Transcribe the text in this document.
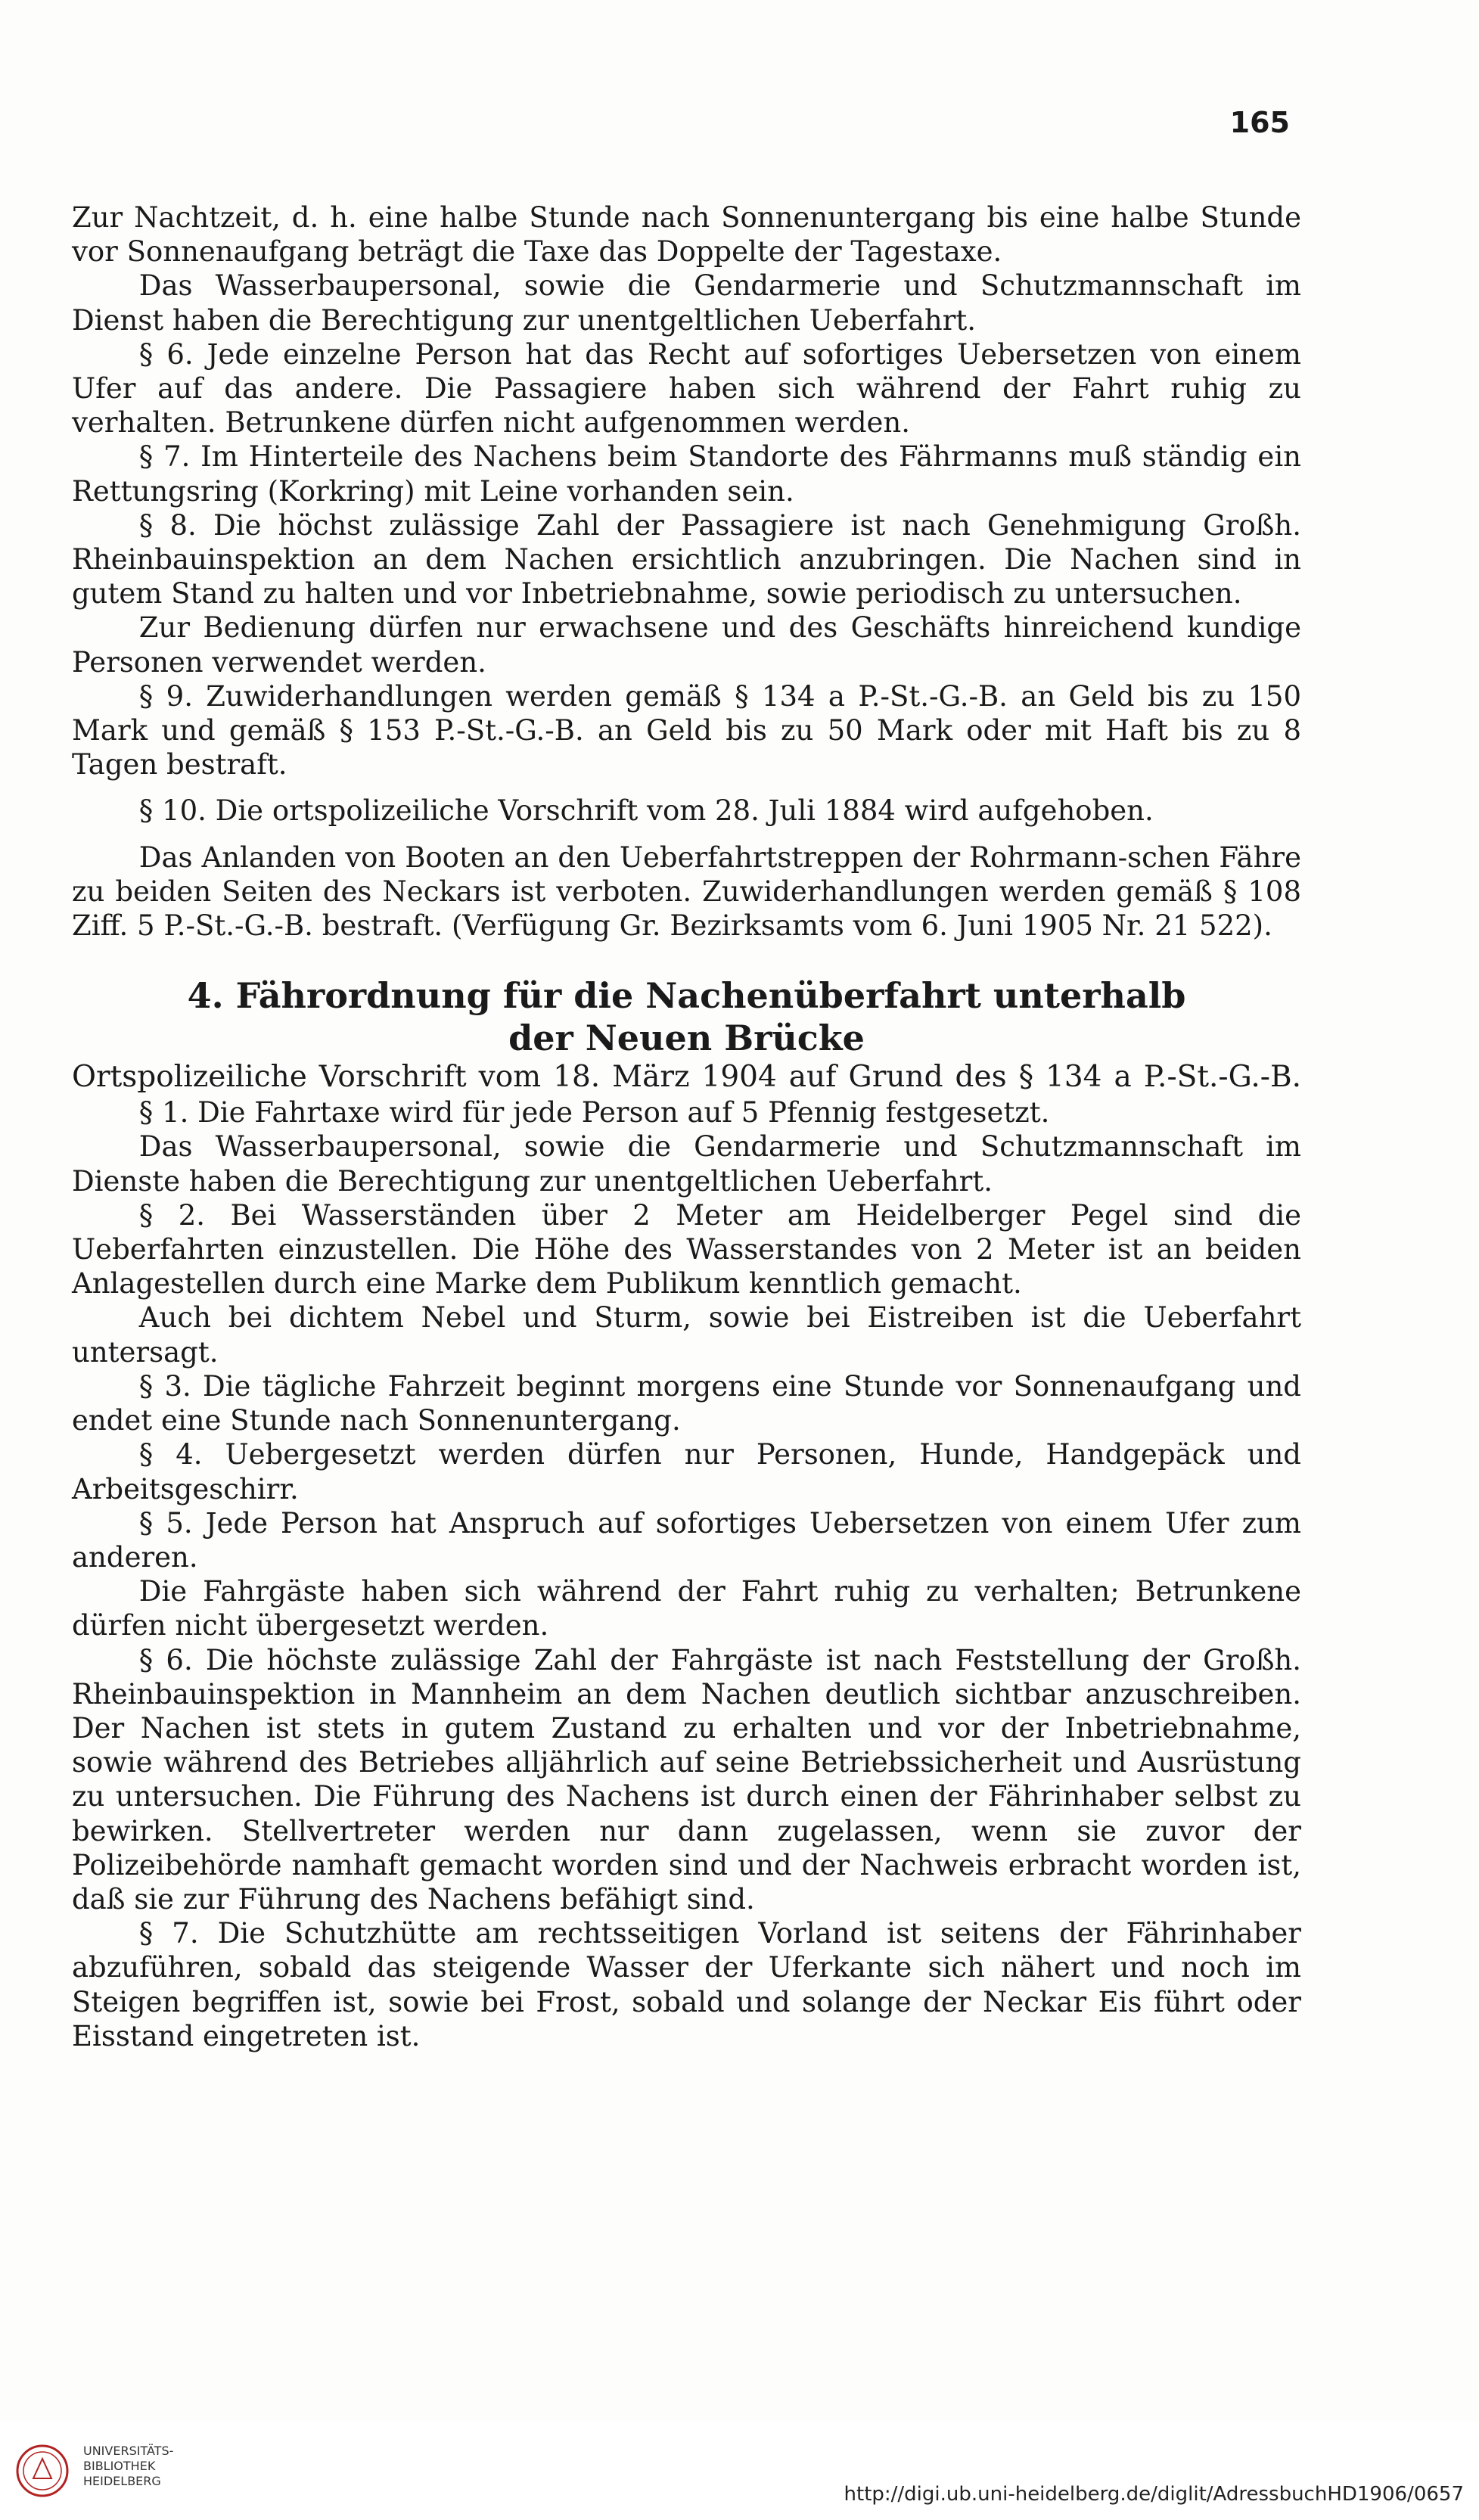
165

Zur Nachtzeit, d. h. eine halbe Stunde nach Sonnenuntergang bis eine halbe Stunde vor Sonnenaufgang beträgt die Taxe das Doppelte der Tagestaxe.

Das Wasserbaupersonal, sowie die Gendarmerie und Schutzmannschaft im Dienst haben die Berechtigung zur unentgeltlichen Ueberfahrt.

§ 6. Jede einzelne Person hat das Recht auf sofortiges Uebersetzen von einem Ufer auf das andere. Die Passagiere haben sich während der Fahrt ruhig zu verhalten. Betrunkene dürfen nicht aufgenommen werden.

§ 7. Im Hinterteile des Nachens beim Standorte des Fährmanns muß ständig ein Rettungsring (Korkring) mit Leine vorhanden sein.

§ 8. Die höchst zulässige Zahl der Passagiere ist nach Genehmigung Großh. Rheinbauinspektion an dem Nachen ersichtlich anzubringen. Die Nachen sind in gutem Stand zu halten und vor Inbetriebnahme, sowie periodisch zu untersuchen.

Zur Bedienung dürfen nur erwachsene und des Geschäfts hinreichend kundige Personen verwendet werden.

§ 9. Zuwiderhandlungen werden gemäß § 134 a P.-St.-G.-B. an Geld bis zu 150 Mark und gemäß § 153 P.-St.-G.-B. an Geld bis zu 50 Mark oder mit Haft bis zu 8 Tagen bestraft.

§ 10. Die ortspolizeiliche Vorschrift vom 28. Juli 1884 wird aufgehoben.

Das Anlanden von Booten an den Ueberfahrtstreppen der Rohrmann-schen Fähre zu beiden Seiten des Neckars ist verboten. Zuwiderhandlungen werden gemäß § 108 Ziff. 5 P.-St.-G.-B. bestraft. (Verfügung Gr. Bezirksamts vom 6. Juni 1905 Nr. 21 522).

4. Fährordnung für die Nachenüberfahrt unterhalb

der Neuen Brücke

Ortspolizeiliche Vorschrift vom 18. März 1904 auf Grund des § 134 a P.-St.-G.-B.

§ 1. Die Fahrtaxe wird für jede Person auf 5 Pfennig festgesetzt.

Das Wasserbaupersonal, sowie die Gendarmerie und Schutzmannschaft im Dienste haben die Berechtigung zur unentgeltlichen Ueberfahrt.

§ 2. Bei Wasserständen über 2 Meter am Heidelberger Pegel sind die Ueberfahrten einzustellen. Die Höhe des Wasserstandes von 2 Meter ist an beiden Anlagestellen durch eine Marke dem Publikum kenntlich gemacht.

Auch bei dichtem Nebel und Sturm, sowie bei Eistreiben ist die Ueberfahrt untersagt.

§ 3. Die tägliche Fahrzeit beginnt morgens eine Stunde vor Sonnenaufgang und endet eine Stunde nach Sonnenuntergang.

§ 4. Uebergesetzt werden dürfen nur Personen, Hunde, Handgepäck und Arbeitsgeschirr.

§ 5. Jede Person hat Anspruch auf sofortiges Uebersetzen von einem Ufer zum anderen.

Die Fahrgäste haben sich während der Fahrt ruhig zu verhalten; Betrunkene dürfen nicht übergesetzt werden.

§ 6. Die höchste zulässige Zahl der Fahrgäste ist nach Feststellung der Großh. Rheinbauinspektion in Mannheim an dem Nachen deutlich sichtbar anzuschreiben. Der Nachen ist stets in gutem Zustand zu erhalten und vor der Inbetriebnahme, sowie während des Betriebes alljährlich auf seine Betriebssicherheit und Ausrüstung zu untersuchen. Die Führung des Nachens ist durch einen der Fährinhaber selbst zu bewirken. Stellvertreter werden nur dann zugelassen, wenn sie zuvor der Polizeibehörde namhaft gemacht worden sind und der Nachweis erbracht worden ist, daß sie zur Führung des Nachens befähigt sind.

§ 7. Die Schutzhütte am rechtsseitigen Vorland ist seitens der Fährinhaber abzuführen, sobald das steigende Wasser der Uferkante sich nähert und noch im Steigen begriffen ist, sowie bei Frost, sobald und solange der Neckar Eis führt oder Eisstand eingetreten ist.

UNIVERSITÄTS-
BIBLIOTHEK
HEIDELBERG
http://digi.ub.uni-heidelberg.de/diglit/AdressbuchHD1906/0657
